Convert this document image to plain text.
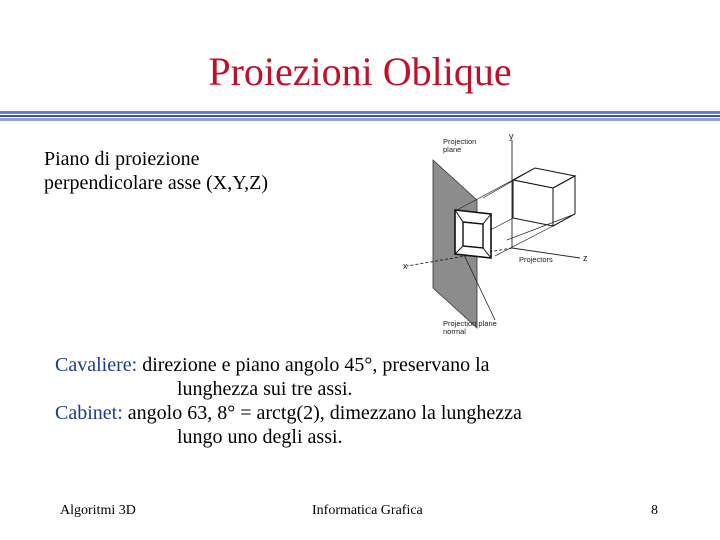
Proiezioni Oblique
Piano di proiezione
perpendicolare asse (X,Y,Z)
Projection
plane
Projectors
Projection plane
normal
y
x
z

Cavaliere: direzione e piano angolo 45°, preservano la

lunghezza sui tre assi.

Cabinet: angolo 63, 8° = arctg(2), dimezzano la lunghezza

lungo uno degli assi.

Algoritmi 3D	Informatica Grafica	8
